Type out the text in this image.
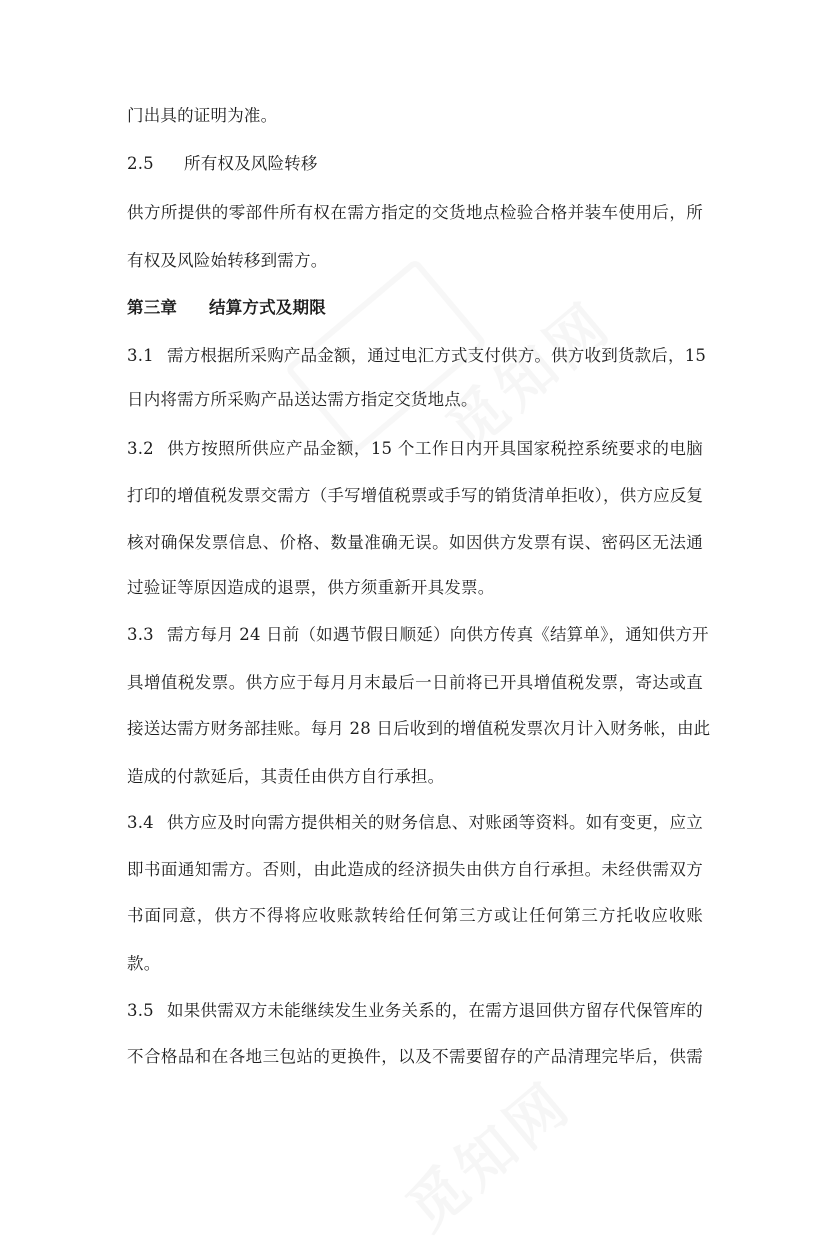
门出具的证明为准。
2.5 所有权及风险转移
供方所提供的零部件所有权在需方指定的交货地点检验合格并装车使用后，所
有权及风险始转移到需方。
第三章 结算方式及期限
3.1 需方根据所采购产品金额，通过电汇方式支付供方。供方收到货款后，15
日内将需方所采购产品送达需方指定交货地点。
3.2 供方按照所供应产品金额，15 个工作日内开具国家税控系统要求的电脑
打印的增值税发票交需方（手写增值税票或手写的销货清单拒收），供方应反复
核对确保发票信息、价格、数量准确无误。如因供方发票有误、密码区无法通
过验证等原因造成的退票，供方须重新开具发票。
3.3 需方每月 24 日前（如遇节假日顺延）向供方传真《结算单》，通知供方开
具增值税发票。供方应于每月月末最后一日前将已开具增值税发票，寄达或直
接送达需方财务部挂账。每月 28 日后收到的增值税发票次月计入财务帐，由此
造成的付款延后，其责任由供方自行承担。
3.4 供方应及时向需方提供相关的财务信息、对账函等资料。如有变更，应立
即书面通知需方。否则，由此造成的经济损失由供方自行承担。未经供需双方
书面同意，供方不得将应收账款转给任何第三方或让任何第三方托收应收账
款。
3.5 如果供需双方未能继续发生业务关系的，在需方退回供方留存代保管库的
不合格品和在各地三包站的更换件，以及不需要留存的产品清理完毕后，供需
